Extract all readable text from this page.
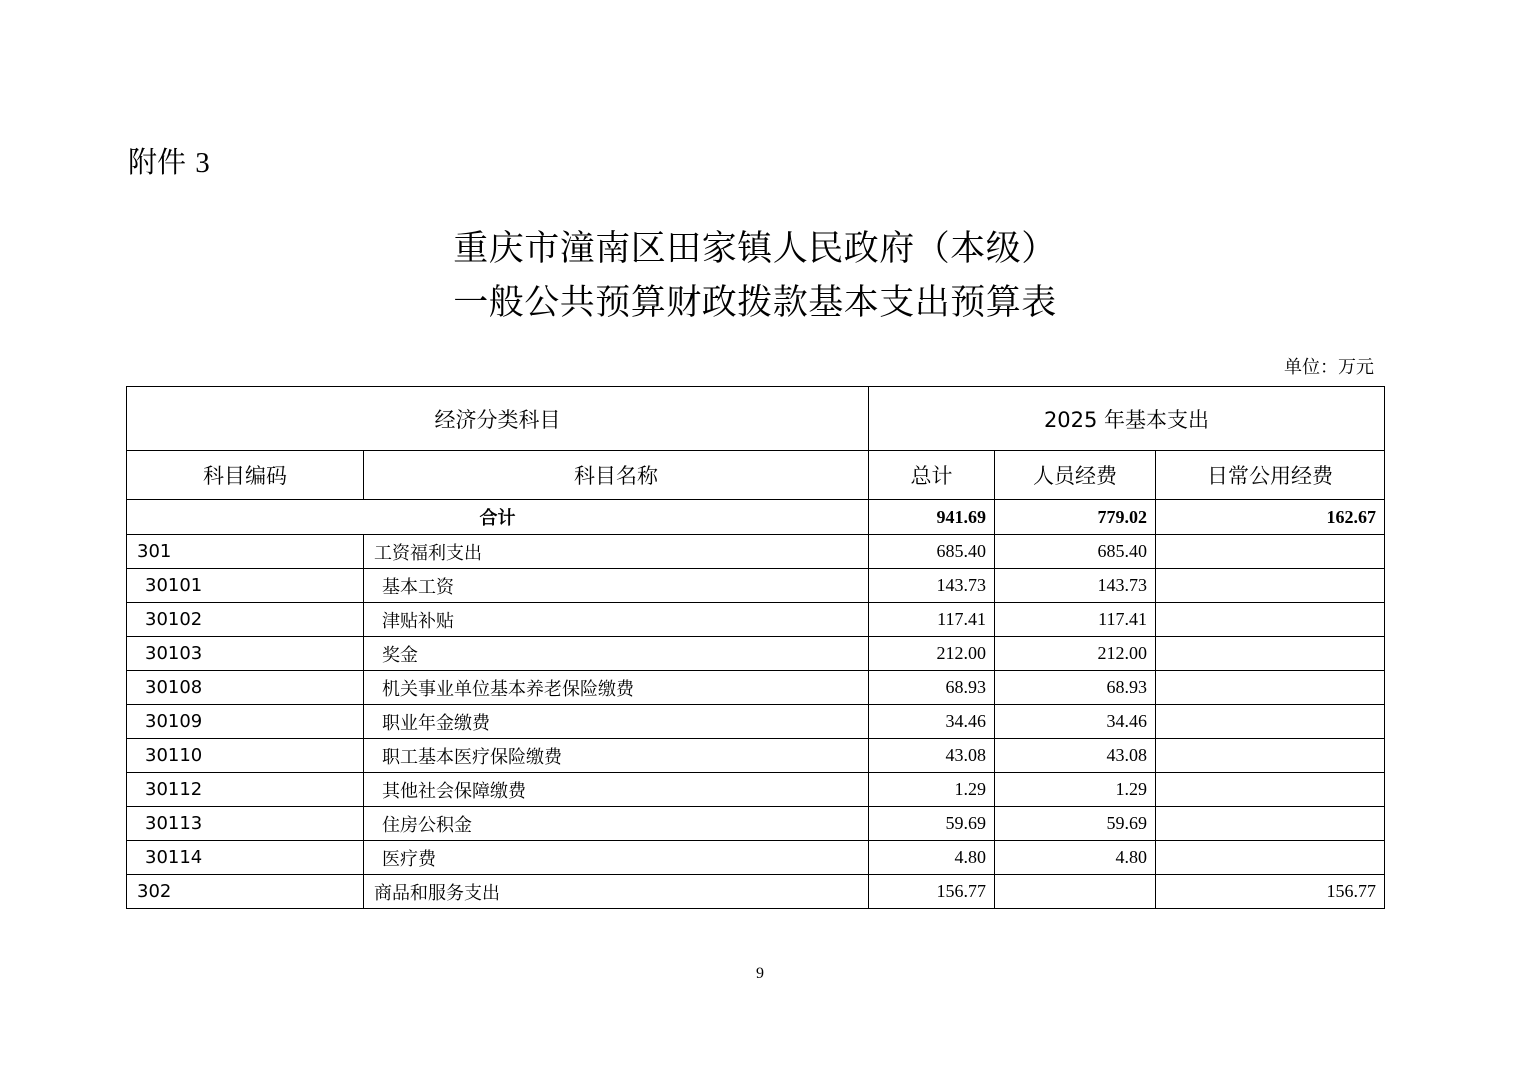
附件 3
重庆市潼南区田家镇人民政府（本级）
一般公共预算财政拨款基本支出预算表
单位：万元
经济分类科目		2025 年基本支出		
科目编码	科目名称	总计	人员经费	日常公用经费
合计		941.69	779.02	162.67
301	工资福利支出	685.40	685.40	
30101	基本工资	143.73	143.73	
30102	津贴补贴	117.41	117.41	
30103	奖金	212.00	212.00	
30108	机关事业单位基本养老保险缴费	68.93	68.93	
30109	职业年金缴费	34.46	34.46	
30110	职工基本医疗保险缴费	43.08	43.08	
30112	其他社会保障缴费	1.29	1.29	
30113	住房公积金	59.69	59.69	
30114	医疗费	4.80	4.80	
302	商品和服务支出	156.77		156.77
9
